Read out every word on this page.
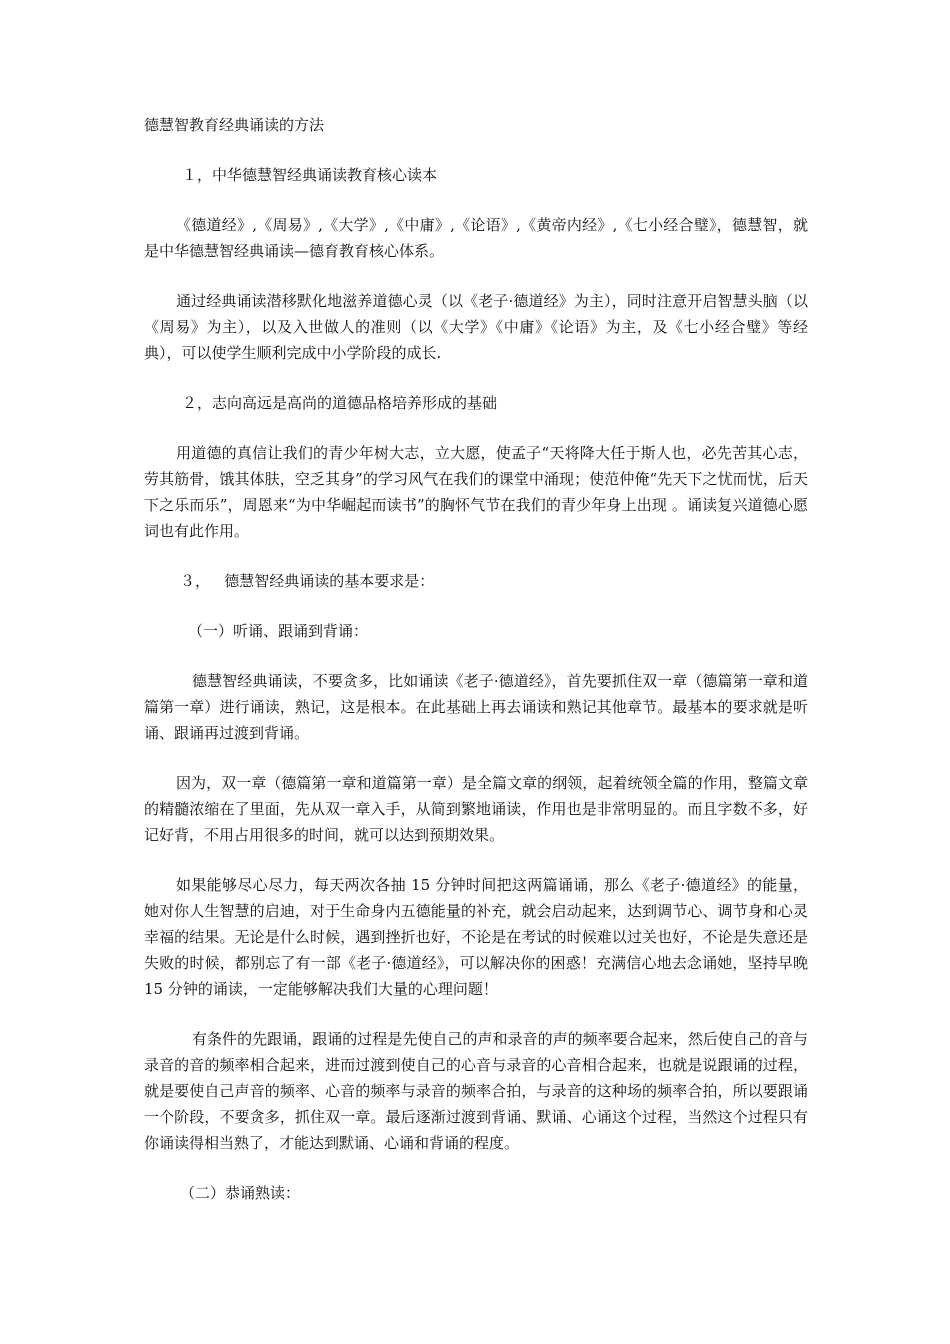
德慧智教育经典诵读的方法
１，中华德慧智经典诵读教育核心读本

《德道经》,《周易》,《大学》,《中庸》,《论语》,《黄帝内经》,《七小经合璧》，德慧智，就是中华德慧智经典诵读—德育教育核心体系。

通过经典诵读潜移默化地滋养道德心灵（以《老子·德道经》为主），同时注意开启智慧头脑（以《周易》为主），以及入世做人的准则（以《大学》《中庸》《论语》为主，及《七小经合璧》等经典），可以使学生顺利完成中小学阶段的成长.

２，志向高远是高尚的道德品格培养形成的基础

用道德的真信让我们的青少年树大志，立大愿，使孟子“天将降大任于斯人也，必先苦其心志，劳其筋骨，饿其体肤，空乏其身”的学习风气在我们的课堂中涌现；使范仲俺“先天下之忧而忧，后天下之乐而乐”，周恩来“为中华崛起而读书”的胸怀气节在我们的青少年身上出现 。诵读复兴道德心愿词也有此作用。

３，   德慧智经典诵读的基本要求是：
（一）听诵、跟诵到背诵：

德慧智经典诵读，不要贪多，比如诵读《老子·德道经》，首先要抓住双一章（德篇第一章和道篇第一章）进行诵读，熟记，这是根本。在此基础上再去诵读和熟记其他章节。最基本的要求就是听诵、跟诵再过渡到背诵。

因为，双一章（德篇第一章和道篇第一章）是全篇文章的纲领，起着统领全篇的作用，整篇文章的精髓浓缩在了里面，先从双一章入手，从简到繁地诵读，作用也是非常明显的。而且字数不多，好记好背，不用占用很多的时间，就可以达到预期效果。

如果能够尽心尽力，每天两次各抽 15 分钟时间把这两篇诵诵，那么《老子·德道经》的能量，她对你人生智慧的启迪，对于生命身内五德能量的补充，就会启动起来，达到调节心、调节身和心灵幸福的结果。无论是什么时候，遇到挫折也好，不论是在考试的时候难以过关也好，不论是失意还是失败的时候，都别忘了有一部《老子·德道经》，可以解决你的困惑！充满信心地去念诵她，坚持早晚 15 分钟的诵读，一定能够解决我们大量的心理问题！

有条件的先跟诵，跟诵的过程是先使自己的声和录音的声的频率要合起来，然后使自己的音与录音的音的频率相合起来，进而过渡到使自己的心音与录音的心音相合起来，也就是说跟诵的过程，就是要使自己声音的频率、心音的频率与录音的频率合拍，与录音的这种场的频率合拍，所以要跟诵一个阶段，不要贪多，抓住双一章。最后逐渐过渡到背诵、默诵、心诵这个过程，当然这个过程只有你诵读得相当熟了，才能达到默诵、心诵和背诵的程度。

（二）恭诵熟读：
